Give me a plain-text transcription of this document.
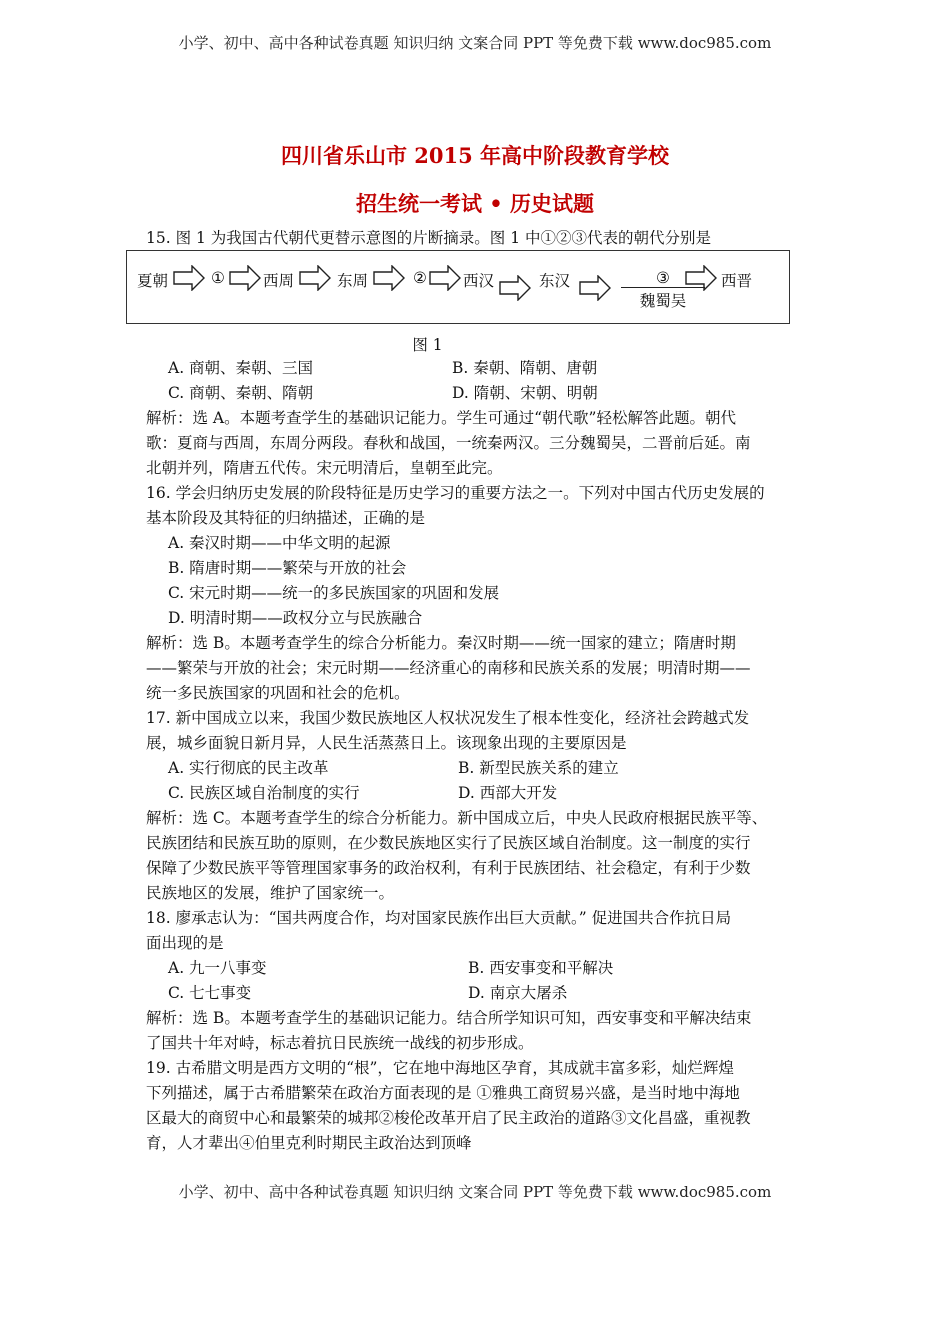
小学、初中、高中各种试卷真题 知识归纳 文案合同 PPT 等免费下载 www.doc985.com
四川省乐山市 2015 年高中阶段教育学校
招生统一考试 • 历史试题
15. 图 1 为我国古代朝代更替示意图的片断摘录。图 1 中①②③代表的朝代分别是
夏朝	① 西周	东周	② 西汉	东汉	③
魏蜀吴
西晋
图 1
A. 商朝、秦朝、三国	B. 秦朝、隋朝、唐朝
C. 商朝、秦朝、隋朝	D. 隋朝、宋朝、明朝
解析：选 A。本题考查学生的基础识记能力。学生可通过“朝代歌”轻松解答此题。朝代
歌：夏商与西周，东周分两段。春秋和战国，一统秦两汉。三分魏蜀吴，二晋前后延。南
北朝并列，隋唐五代传。宋元明清后，皇朝至此完。
16. 学会归纳历史发展的阶段特征是历史学习的重要方法之一。下列对中国古代历史发展的
基本阶段及其特征的归纳描述，正确的是
A. 秦汉时期——中华文明的起源
B. 隋唐时期——繁荣与开放的社会
C. 宋元时期——统一的多民族国家的巩固和发展
D. 明清时期——政权分立与民族融合
解析：选 B。本题考查学生的综合分析能力。秦汉时期——统一国家的建立；隋唐时期
——繁荣与开放的社会；宋元时期——经济重心的南移和民族关系的发展；明清时期——
统一多民族国家的巩固和社会的危机。
17. 新中国成立以来，我国少数民族地区人权状况发生了根本性变化，经济社会跨越式发
展，城乡面貌日新月异，人民生活蒸蒸日上。该现象出现的主要原因是
A. 实行彻底的民主改革	B. 新型民族关系的建立
C. 民族区域自治制度的实行	D. 西部大开发
解析：选 C。本题考查学生的综合分析能力。新中国成立后，中央人民政府根据民族平等、
民族团结和民族互助的原则，在少数民族地区实行了民族区域自治制度。这一制度的实行
保障了少数民族平等管理国家事务的政治权利，有利于民族团结、社会稳定，有利于少数
民族地区的发展，维护了国家统一。
18. 廖承志认为：“国共两度合作，均对国家民族作出巨大贡献。” 促进国共合作抗日局
面出现的是
A. 九一八事变	B. 西安事变和平解决
C. 七七事变	D. 南京大屠杀
解析：选 B。本题考查学生的基础识记能力。结合所学知识可知，西安事变和平解决结束
了国共十年对峙，标志着抗日民族统一战线的初步形成。
19. 古希腊文明是西方文明的“根”，它在地中海地区孕育，其成就丰富多彩，灿烂辉煌
下列描述，属于古希腊繁荣在政治方面表现的是 ①雅典工商贸易兴盛，是当时地中海地
区最大的商贸中心和最繁荣的城邦②梭伦改革开启了民主政治的道路③文化昌盛，重视教
育，人才辈出④伯里克利时期民主政治达到顶峰
小学、初中、高中各种试卷真题 知识归纳 文案合同 PPT 等免费下载 www.doc985.com
